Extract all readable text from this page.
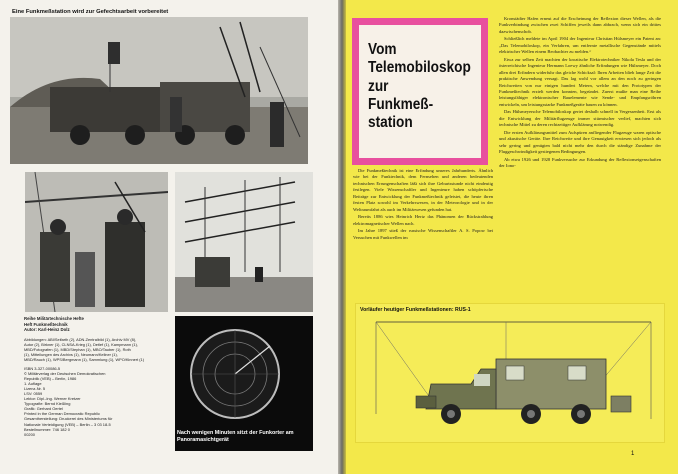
Eine Funkmeßstation wird zur Gefechtsarbeit vorbereitet

Reihe Militärtechnische Hefte

Heft Funkmeßtechnik

Autor: Karl-Heinz Dolz

Abbildungen: ABI/Seifarth (2), ADN-Zentralbild (1), Archiv MV (8),

Autor (2), Birkner (1), CLNSA-Krieg (1), Detlef (1), Kampmann (1),

MBD/Fotografen (1), MBD/Stephan (1), MBO/Tauber (1), Roth

(1), Mitteilungen des Archivs (1), Neumann/Kellner (1),

MBD/Rauch (1), WPS/Bergmann (1), Sammlung (1), WPO/Kinnert (1)

ISBN 3-327-00086-5

© Militärverlag der Deutschen Demokratischen

Republik (VEB) – Berlin, 1986

1. Auflage

Lizenz-Nr. 5

LSV: 0559

Lektor: Dipl.-Ing. Werner Kretzer

Typografie: Bernd Kießling

Grafik: Gerhard Oertel

Printed in the German Democratic Republic

Gesamtherstellung: Druckerei des Ministeriums für

Nationale Verteidigung (VEB) – Berlin – 3 03 18-5

Bestellnummer: 746 182 0

00200	Nach wenigen Minuten sitzt der Funkorter am Panoramasichtgerät
Vom
Telemobiloskop
zur
Funkmeß-
station

Die Funkmeßtechnik ist eine Erfindung unseres Jahrhunderts. Ähnlich wie bei der Funktechnik, dem Fernsehen und anderen bedeutenden technischen Errungenschaften läßt sich ihre Geburtsstunde nicht eindeutig festlegen. Viele Wissenschaftler und Ingenieure haben schöpferische Beiträge zur Entwicklung der Funkmeßtechnik geleistet, die heute ihren festen Platz sowohl im Verkehrswesen, in der Meteorologie und in der Weltraumfahrt als auch im Militärwesen gefunden hat.

Bereits 1886 wies Heinrich Hertz das Phänomen der Rückstrahlung elektromagnetischer Wellen nach.

Im Jahre 1897 stieß der russische Wissenschaftler A. S. Popow bei Versuchen mit Funkwellen im

Kronstädter Hafen erneut auf die Erscheinung der Reflexion dieser Wellen, als die Funkverbindung zwischen zwei Schiffen jeweils dann abbrach, wenn sich ein drittes dazwischenschob.

Schließlich meldete im April 1904 der Ingenieur Christian Hülsmeyer ein Patent an: „Das Telemobiloskop, ein Verfahren, um entfernte metallische Gegenstände mittels elektrischer Wellen einem Beobachter zu melden.“

Etwa zur selben Zeit machten der kroatische Elektrotechniker Nikola Tesla und der österreichische Ingenieur Hermann Loewy ähnliche Erfindungen wie Hülsmeyer. Doch allen drei Erfindern widerfuhr das gleiche Schicksal: Ihren Arbeiten blieb lange Zeit die praktische Anwendung versagt. Das lag wohl vor allem an den noch zu geringen Reichweiten von nur einigen hundert Metern, welche mit den Prototypen der Funkmeßtechnik erzielt werden konnten, begründet. Zuerst mußte man eine Reihe leistungsfähiger elektronischer Bauelemente wie Sende- und Empfangsröhren entwickeln, um leistungsstarke Funkmeßgeräte bauen zu können.

Das Hülsmeyersche Telemobiloskop geriet deshalb schnell in Vergessenheit. Erst als die Entwicklung der Militärflugzeuge immer stürmischer verlief, machten sich technische Mittel zu deren rechtzeitiger Aufklärung notwendig.

Die ersten Aufklärungsmittel zum Aufspüren anfliegender Flugzeuge waren optische und akustische Geräte. Ihre Reichweite und ihre Genauigkeit erwiesen sich jedoch als sehr gering und genügten bald nicht mehr den durch die ständige Zunahme der Fluggeschwindigkeit gestiegenen Bedingungen.

Ab etwa 1926 und 1928 Funkversuche zur Erkundung der Reflexionseigenschaften der Iono-

Vorläufer heutiger Funkmeßstationen: RUS-1
1
